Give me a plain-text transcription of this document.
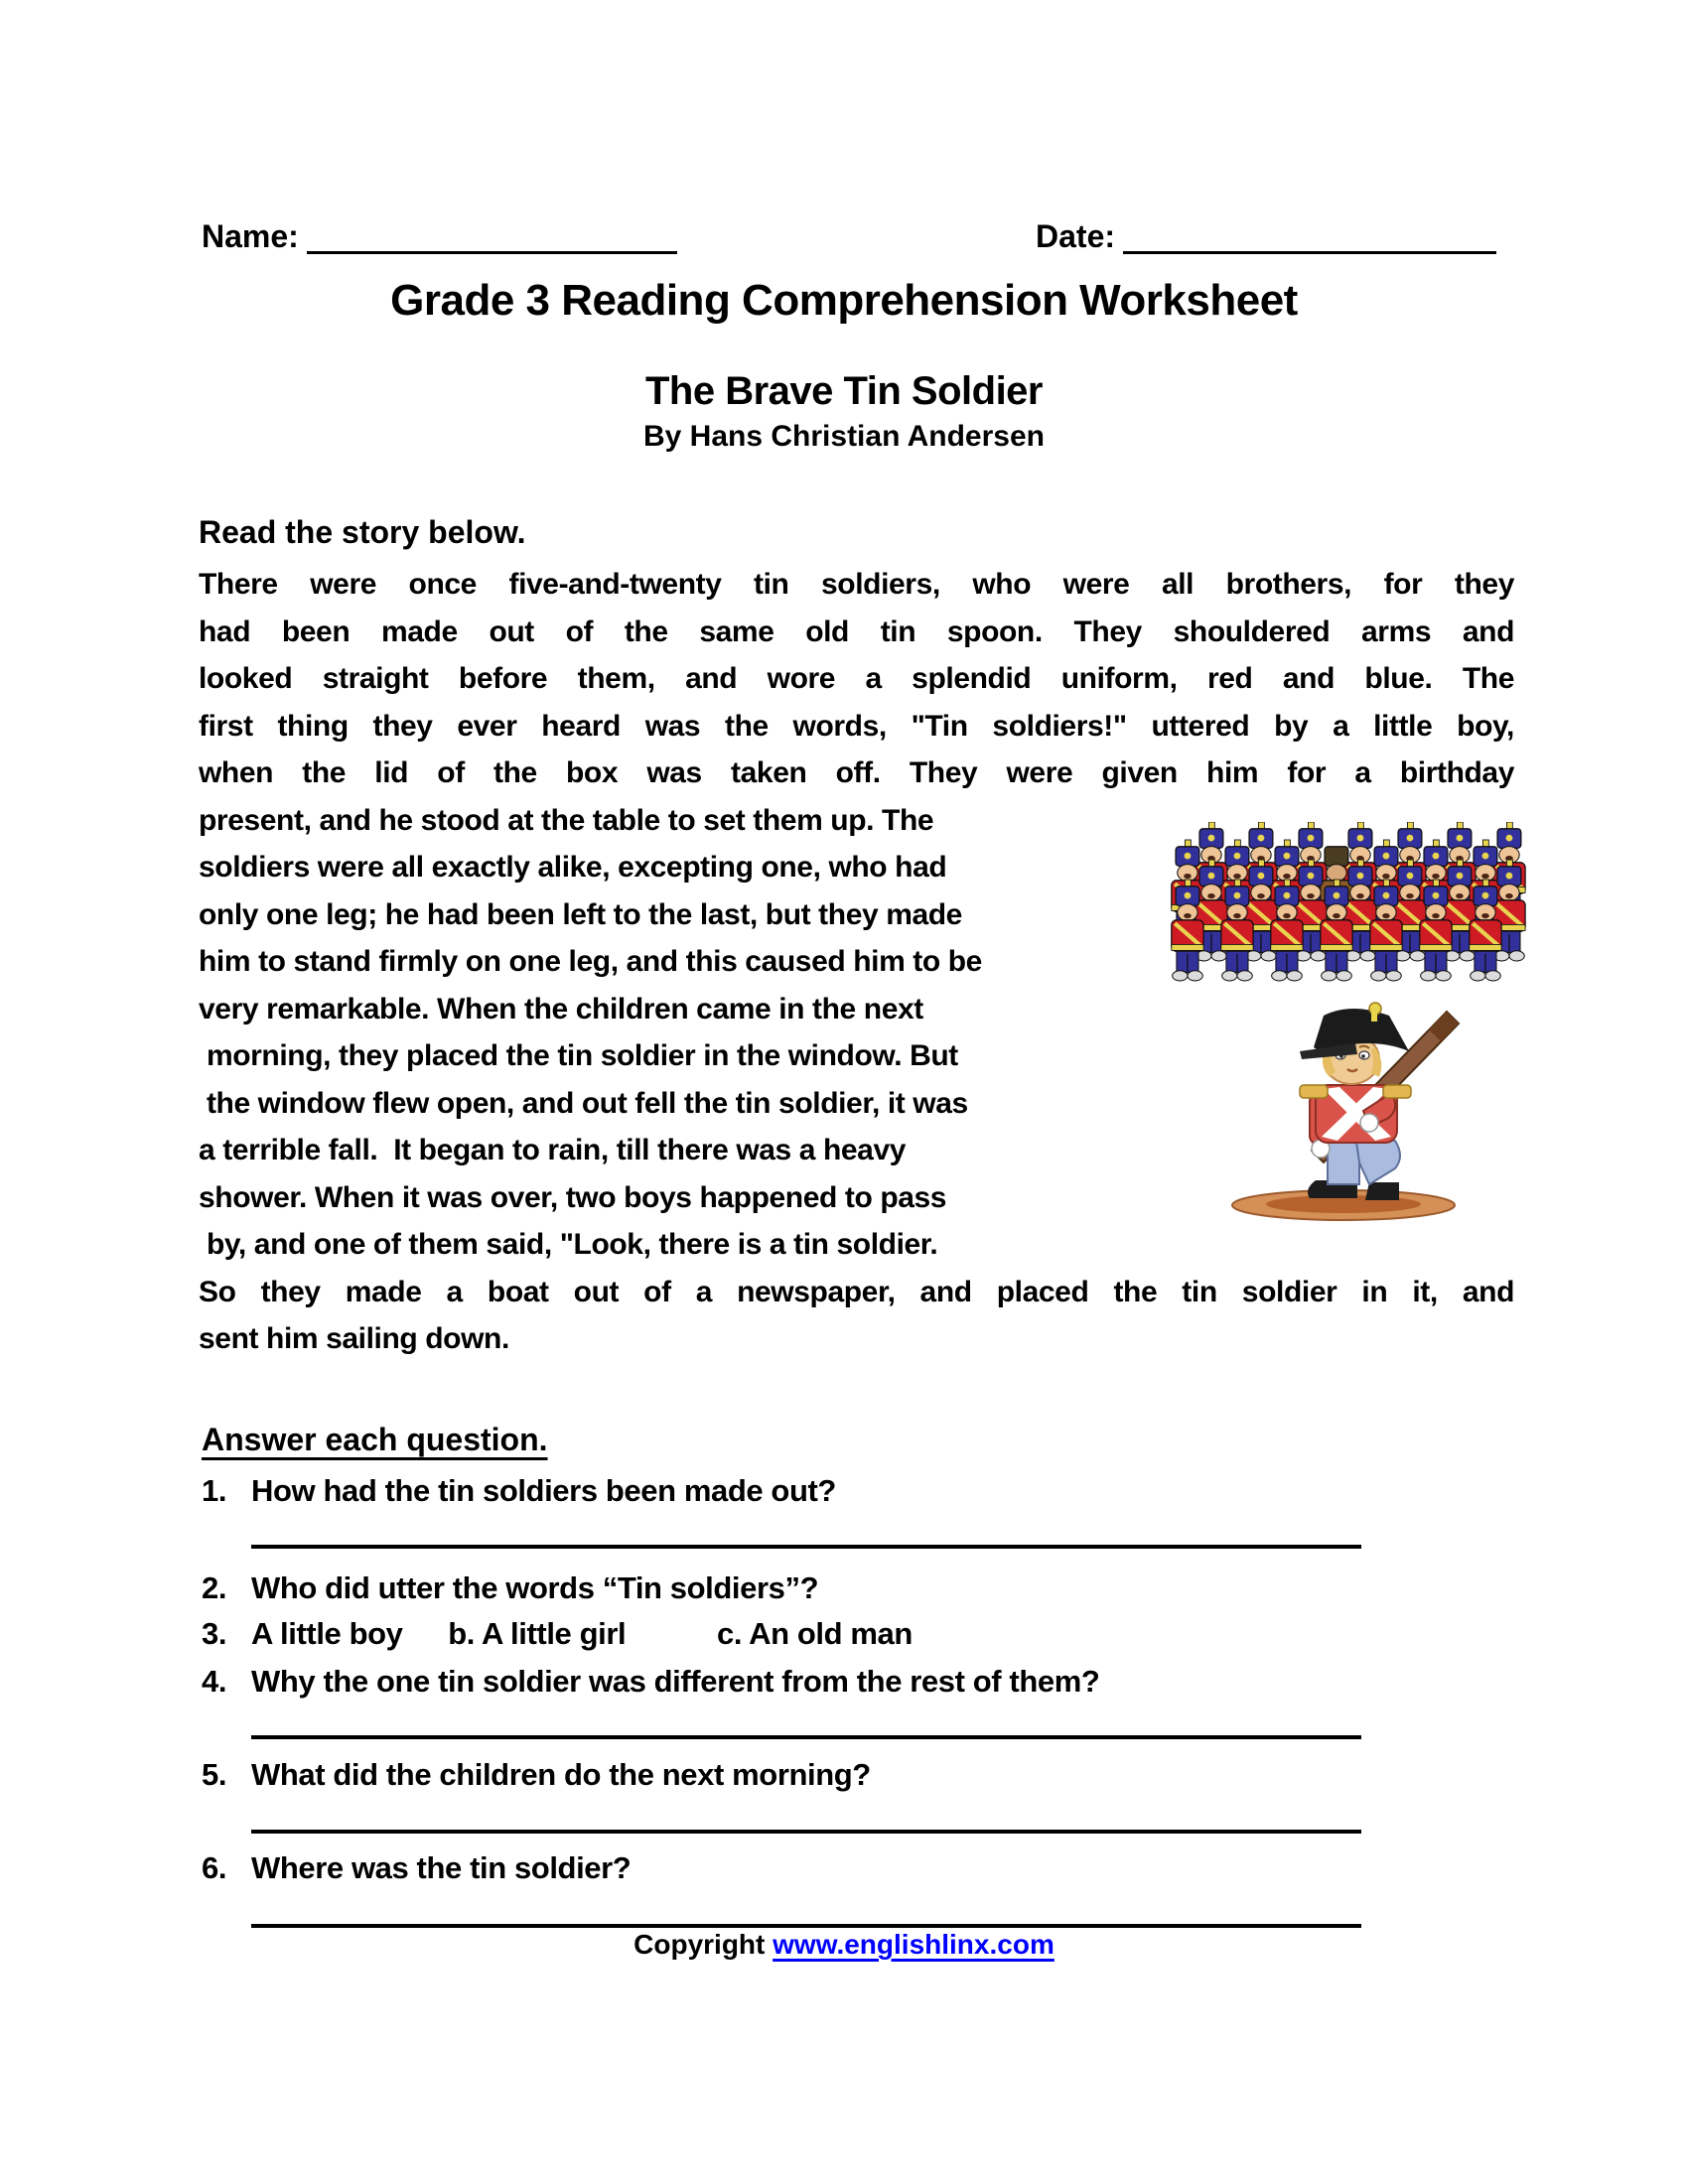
Name:	Date:
Grade 3 Reading Comprehension Worksheet
The Brave Tin Soldier
By Hans Christian Andersen
Read the story below.
There were once five-and-twenty tin soldiers, who were all brothers, for they
had been made out of the same old tin spoon. They shouldered arms and
looked straight before them, and wore a splendid uniform, red and blue. The
first thing they ever heard was the words, "Tin soldiers!" uttered by a little boy,
when the lid of the box was taken off. They were given him for a birthday
present, and he stood at the table to set them up. The
soldiers were all exactly alike, excepting one, who had
only one leg; he had been left to the last, but they made
him to stand firmly on one leg, and this caused him to be
very remarkable. When the children came in the next
morning, they placed the tin soldier in the window. But
the window flew open, and out fell the tin soldier, it was
a terrible fall.  It began to rain, till there was a heavy
shower. When it was over, two boys happened to pass
by, and one of them said, "Look, there is a tin soldier.
So they made a boat out of a newspaper, and placed the tin soldier in it, and
sent him sailing down.
Answer each question.
1. How had the tin soldiers been made out?
2. Who did utter the words “Tin soldiers”?
3. A little boy  b. A little girl   c. An old man
4. Why the one tin soldier was different from the rest of them?
5. What did the children do the next morning?
6. Where was the tin soldier?
Copyright www.englishlinx.com
